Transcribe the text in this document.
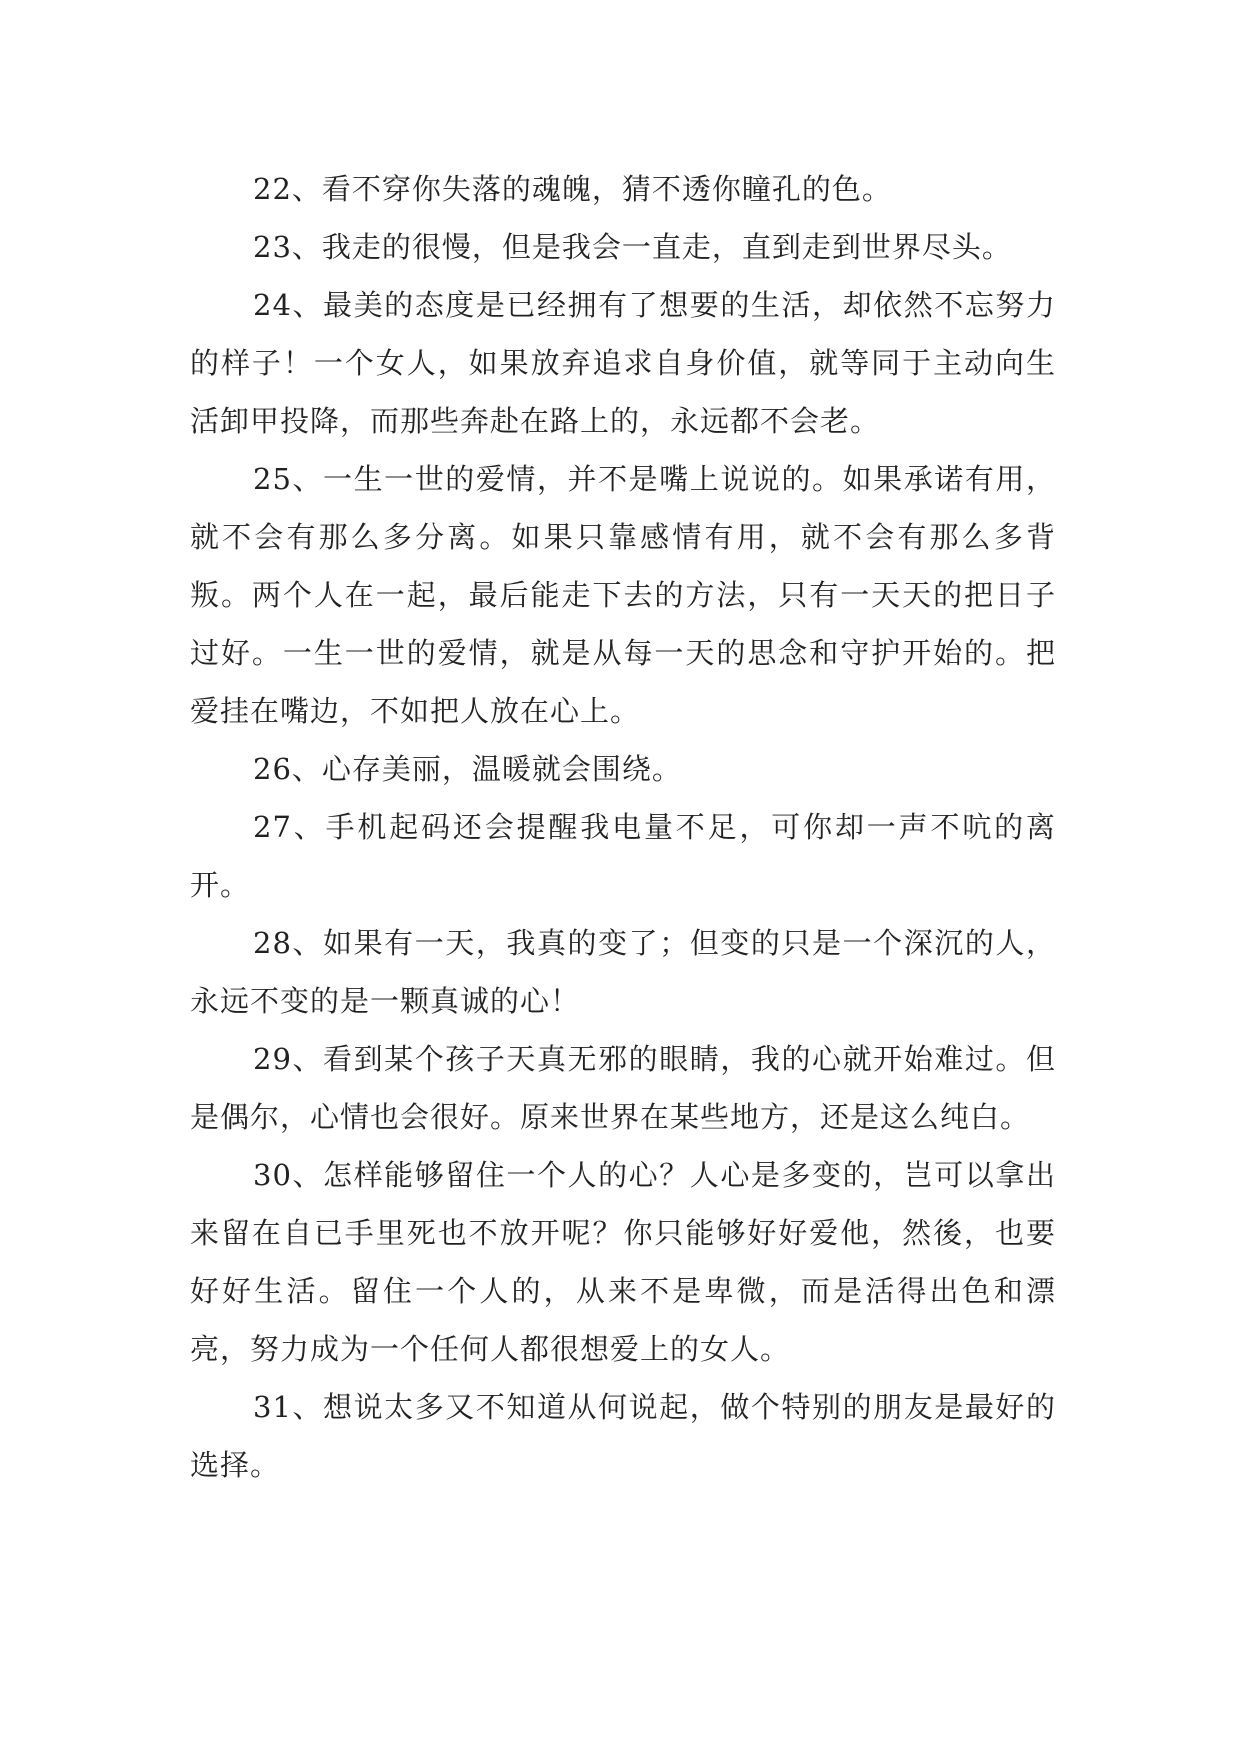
22、看不穿你失落的魂魄，猜不透你瞳孔的色。

23、我走的很慢，但是我会一直走，直到走到世界尽头。

24、最美的态度是已经拥有了想要的生活，却依然不忘努力的样子！一个女人，如果放弃追求自身价值，就等同于主动向生活卸甲投降，而那些奔赴在路上的，永远都不会老。

25、一生一世的爱情，并不是嘴上说说的。如果承诺有用，就不会有那么多分离。如果只靠感情有用，就不会有那么多背叛。两个人在一起，最后能走下去的方法，只有一天天的把日子过好。一生一世的爱情，就是从每一天的思念和守护开始的。把爱挂在嘴边，不如把人放在心上。

26、心存美丽，温暖就会围绕。

27、手机起码还会提醒我电量不足，可你却一声不吭的离开。

28、如果有一天，我真的变了；但变的只是一个深沉的人，永远不变的是一颗真诚的心！

29、看到某个孩子天真无邪的眼睛，我的心就开始难过。但是偶尔，心情也会很好。原来世界在某些地方，还是这么纯白。

30、怎样能够留住一个人的心？人心是多变的，岂可以拿出来留在自已手里死也不放开呢？你只能够好好爱他，然後，也要好好生活。留住一个人的，从来不是卑微，而是活得出色和漂亮，努力成为一个任何人都很想爱上的女人。

31、想说太多又不知道从何说起，做个特别的朋友是最好的选择。
